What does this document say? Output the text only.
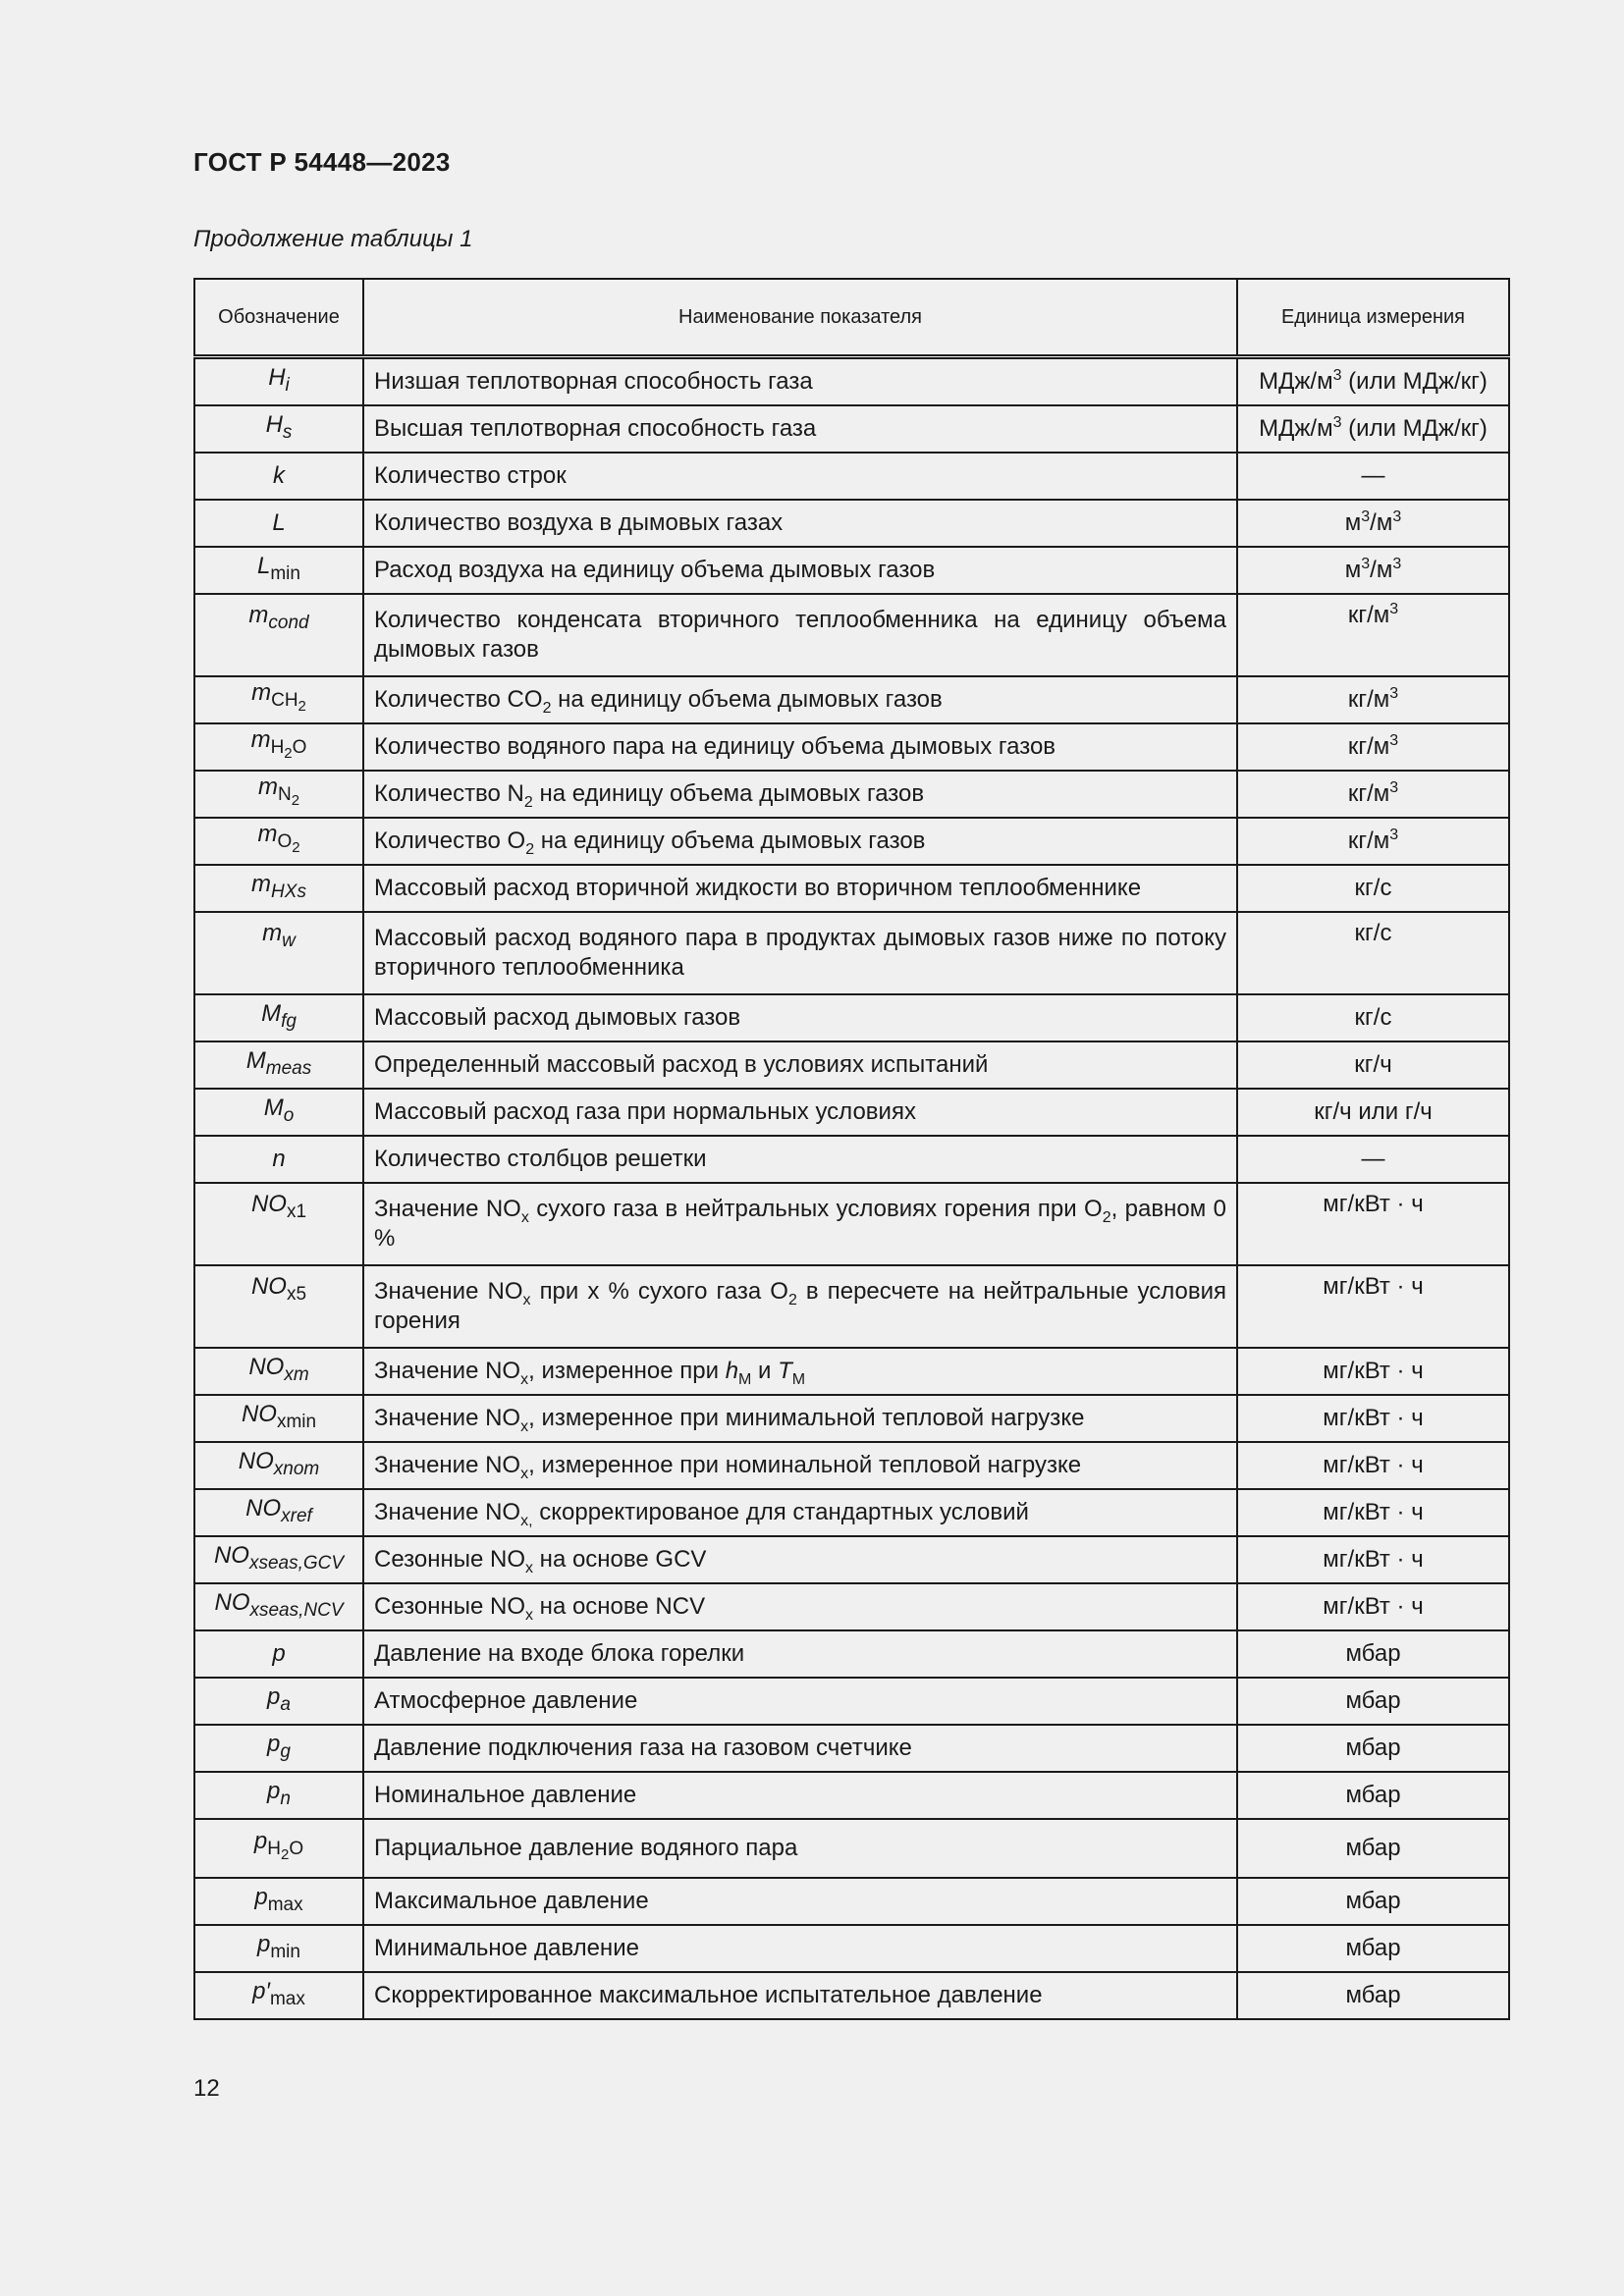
ГОСТ Р 54448—2023
Продолжение таблицы 1
Обозначение	Наименование показателя	Единица измерения
$H_i$	Низшая теплотворная способность газа	МДж/$м^3$ (или МДж/кг)
$H_s$	Высшая теплотворная способность газа	МДж/$м^3$ (или МДж/кг)
k	Количество строк	—
L	Количество воздуха в дымовых газах	$м^3/м^3$
$L_{min}$	Расход воздуха на единицу объема дымовых газов	$м^3/м^3$
$m_{cond}$	Количество конденсата вторичного теплообменника на единицу объема дымовых газов	$кг/м^3$
$m_{CH_2}$	Количество $CO_2$ на единицу объема дымовых газов	$кг/м^3$
$m_{H_2O}$	Количество водяного пара на единицу объема дымовых газов	$кг/м^3$
$m_{N_2}$	Количество $N_2$ на единицу объема дымовых газов	$кг/м^3$
$m_{O_2}$	Количество $O_2$ на единицу объема дымовых газов	$кг/м^3$
$m_{HXs}$	Массовый расход вторичной жидкости во вторичном теплообменнике	кг/с
$m_w$	Массовый расход водяного пара в продуктах дымовых газов ниже по потоку вторичного теплообменника	кг/с
$M_{fg}$	Массовый расход дымовых газов	кг/с
$M_{meas}$	Определенный массовый расход в условиях испытаний	кг/ч
$M_o$	Массовый расход газа при нормальных условиях	кг/ч или г/ч
n	Количество столбцов решетки	—
$NO_{x1}$	Значение $NO_x$ сухого газа в нейтральных условиях горения при $O_2$, равном 0 %	мг/кВт · ч
$NO_{x5}$	Значение $NO_x$ при x % сухого газа $O_2$ в пересчете на нейтральные условия горения	мг/кВт · ч
$NO_{xm}$	Значение $NO_x$, измеренное при $h_M$ и $T_M$	мг/кВт · ч
$NO_{xmin}$	Значение $NO_x$, измеренное при минимальной тепловой нагрузке	мг/кВт · ч
$NO_{xnom}$	Значение $NO_x$, измеренное при номинальной тепловой нагрузке	мг/кВт · ч
$NO_{xref}$	Значение $NO_{x,}$ скорректированое для стандартных условий	мг/кВт · ч
$NO_{xseas,GCV}$	Сезонные $NO_x$ на основе GCV	мг/кВт · ч
$NO_{xseas,NCV}$	Сезонные $NO_x$ на основе NCV	мг/кВт · ч
p	Давление на входе блока горелки	мбар
$p_a$	Атмосферное давление	мбар
$p_g$	Давление подключения газа на газовом счетчике	мбар
$p_n$	Номинальное давление	мбар
$p_{H_2O}$	Парциальное давление водяного пара	мбар
$p_{max}$	Максимальное давление	мбар
$p_{min}$	Минимальное давление	мбар
$p'_{max}$	Скорректированное максимальное испытательное давление	мбар
12
